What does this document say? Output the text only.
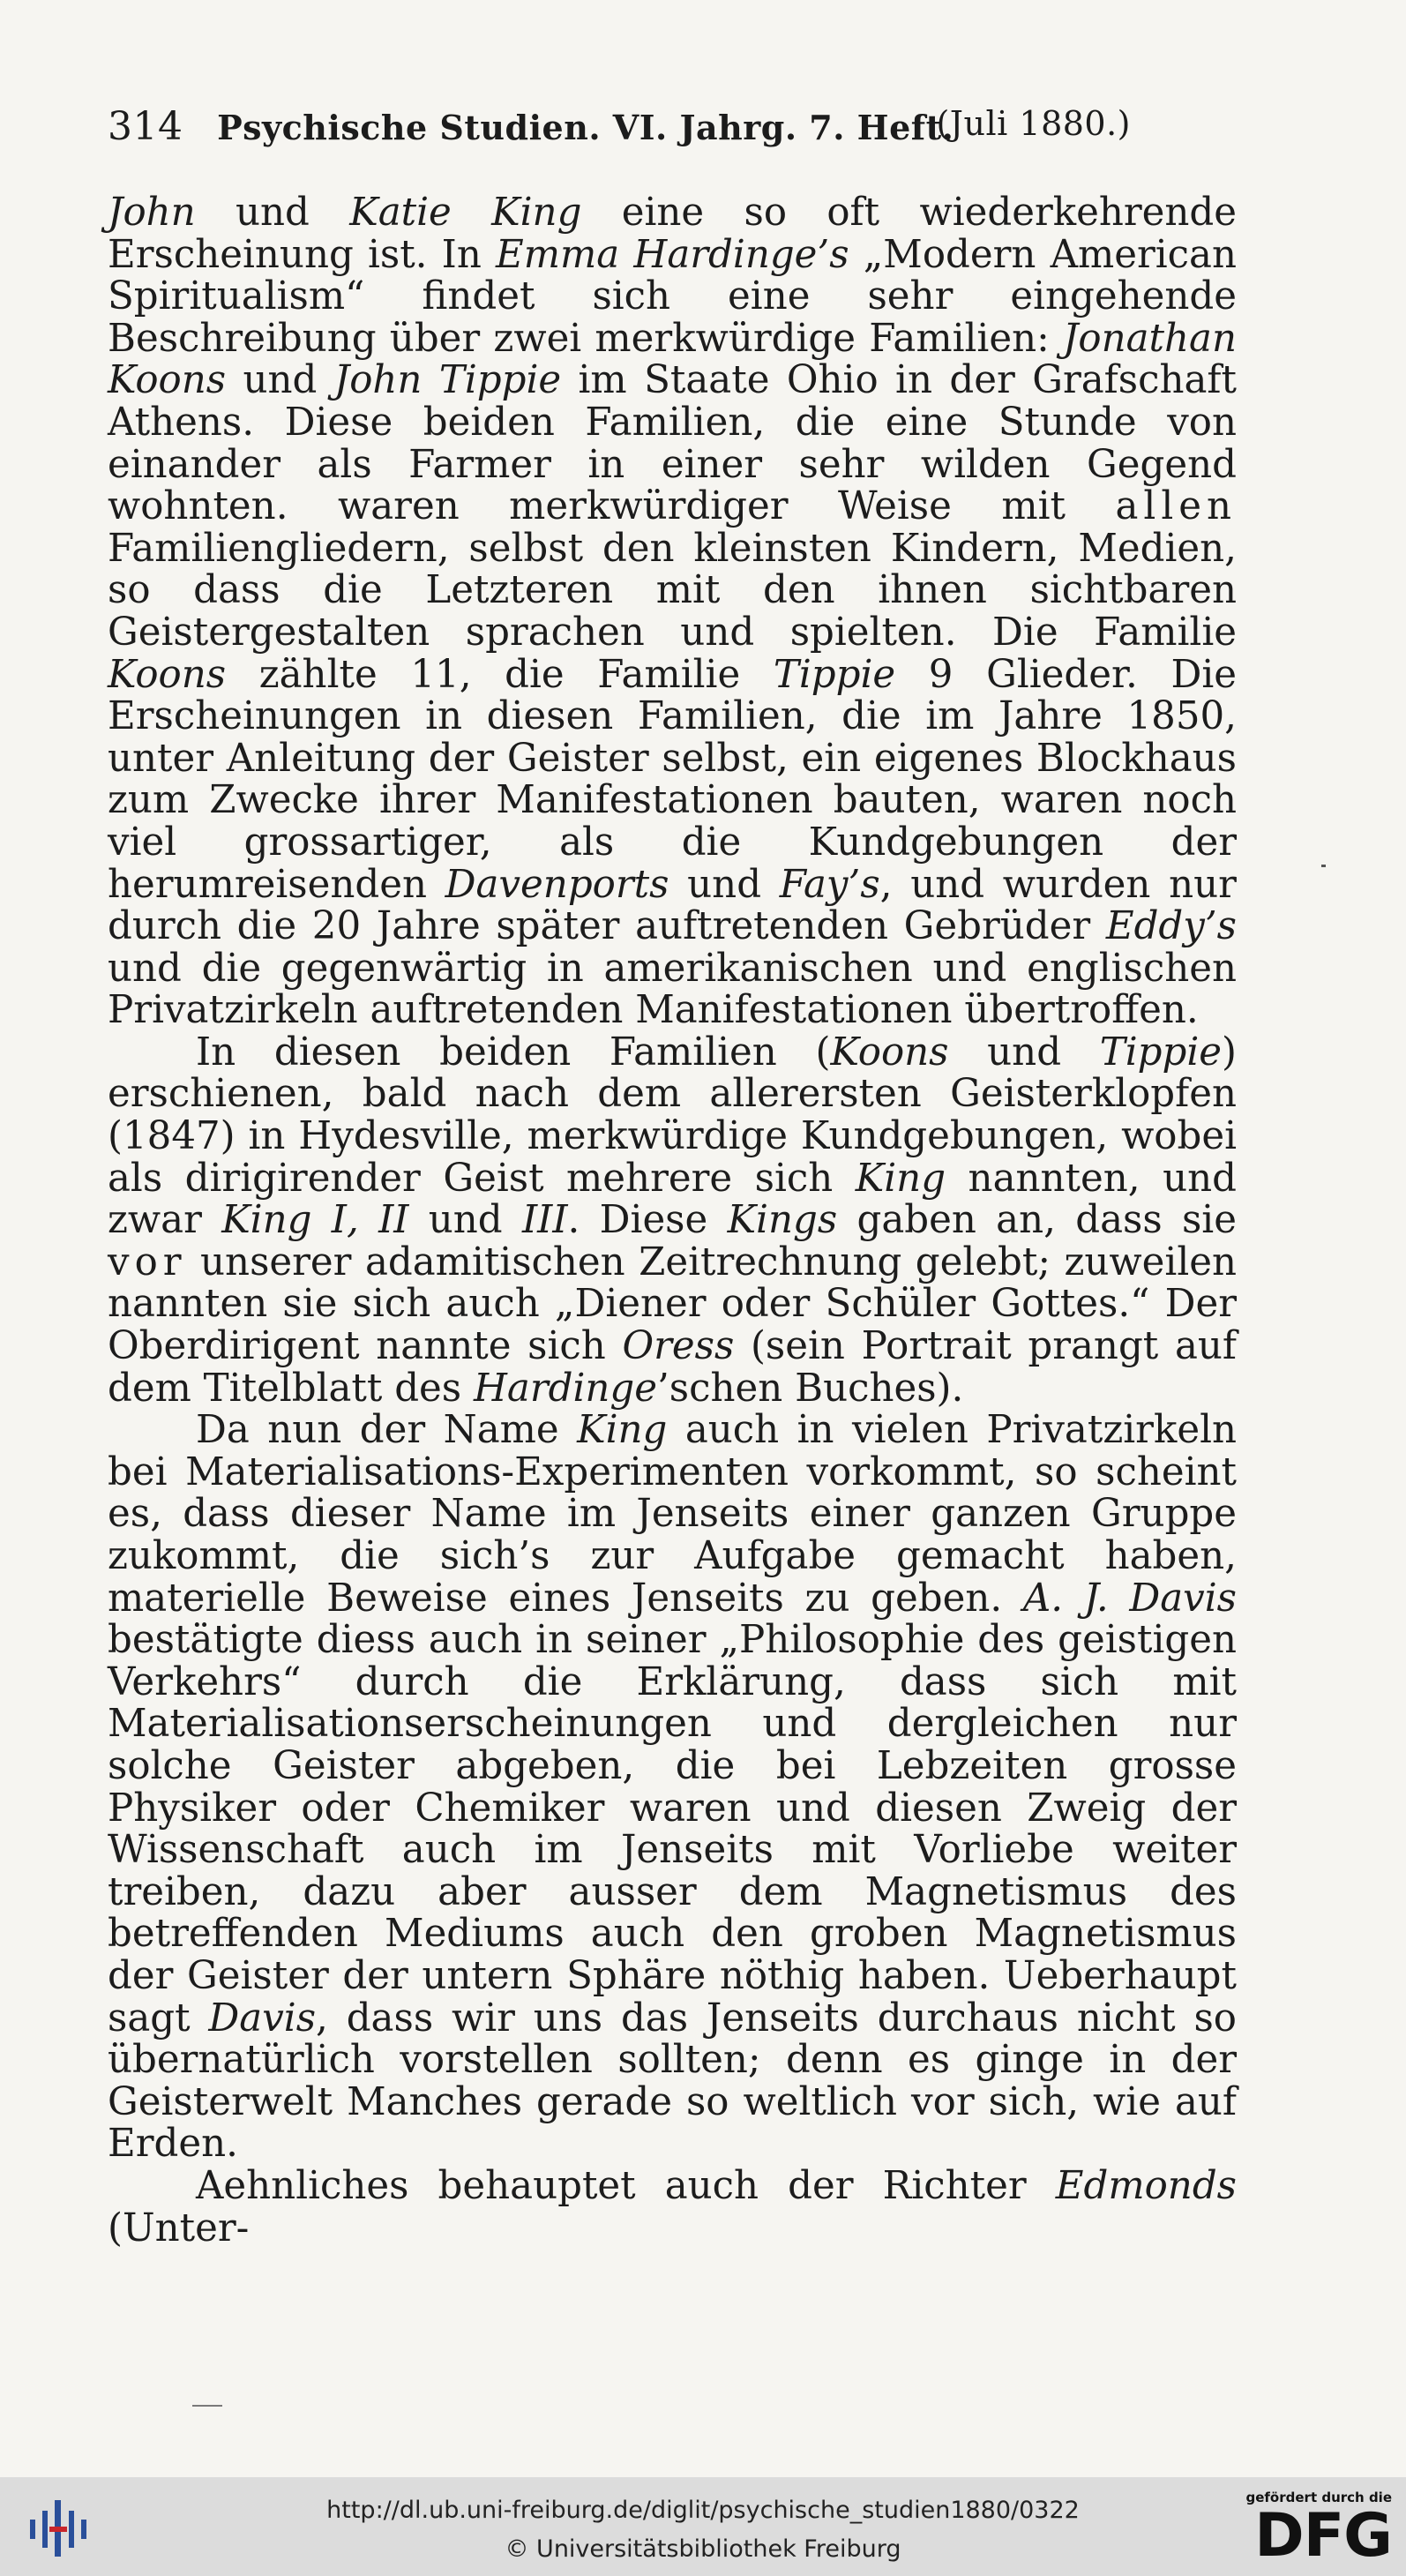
314 Psychische Studien. VI. Jahrg. 7. Heft.
(Juli 1880.)

John und Katie King eine so oft wiederkehrende Erscheinung ist. In Emma Hardinge’s „Modern American Spiritualism“ findet sich eine sehr eingehende Beschreibung über zwei merkwürdige Familien: Jonathan Koons und John Tippie im Staate Ohio in der Grafschaft Athens. Diese beiden Familien, die eine Stunde von einander als Farmer in einer sehr wilden Gegend wohnten. waren merkwürdiger Weise mit allen Familiengliedern, selbst den kleinsten Kindern, Medien, so dass die Letzteren mit den ihnen sichtbaren Geistergestalten sprachen und spielten. Die Familie Koons zählte 11, die Familie Tippie 9 Glieder. Die Erscheinungen in diesen Familien, die im Jahre 1850, unter Anleitung der Geister selbst, ein eigenes Blockhaus zum Zwecke ihrer Manifestationen bauten, waren noch viel grossartiger, als die Kundgebungen der herumreisenden Davenports und Fay’s, und wurden nur durch die 20 Jahre später auftretenden Gebrüder Eddy’s und die gegenwärtig in amerikanischen und englischen Privatzirkeln auftretenden Manifestationen übertroffen.

In diesen beiden Familien (Koons und Tippie) erschienen, bald nach dem allerersten Geisterklopfen (1847) in Hydesville, merkwürdige Kundgebungen, wobei als dirigirender Geist mehrere sich King nannten, und zwar King I, II und III. Diese Kings gaben an, dass sie vor unserer adamitischen Zeitrechnung gelebt; zuweilen nannten sie sich auch „Diener oder Schüler Gottes.“ Der Oberdirigent nannte sich Oress (sein Portrait prangt auf dem Titelblatt des Hardinge’schen Buches).

Da nun der Name King auch in vielen Privatzirkeln bei Materialisations-Experimenten vorkommt, so scheint es, dass dieser Name im Jenseits einer ganzen Gruppe zukommt, die sich’s zur Aufgabe gemacht haben, materielle Beweise eines Jenseits zu geben. A. J. Davis bestätigte diess auch in seiner „Philosophie des geistigen Verkehrs“ durch die Erklärung, dass sich mit Materialisationserscheinungen und dergleichen nur solche Geister abgeben, die bei Lebzeiten grosse Physiker oder Chemiker waren und diesen Zweig der Wissenschaft auch im Jenseits mit Vorliebe weiter treiben, dazu aber ausser dem Magnetismus des betreffenden Mediums auch den groben Magnetismus der Geister der untern Sphäre nöthig haben. Ueberhaupt sagt Davis, dass wir uns das Jenseits durchaus nicht so übernatürlich vorstellen sollten; denn es ginge in der Geisterwelt Manches gerade so weltlich vor sich, wie auf Erden.

Aehnliches behauptet auch der Richter Edmonds (Unter-

http://dl.ub.uni-freiburg.de/diglit/psychische_studien1880/0322
© Universitätsbibliothek Freiburg
gefördert durch die
DFG
